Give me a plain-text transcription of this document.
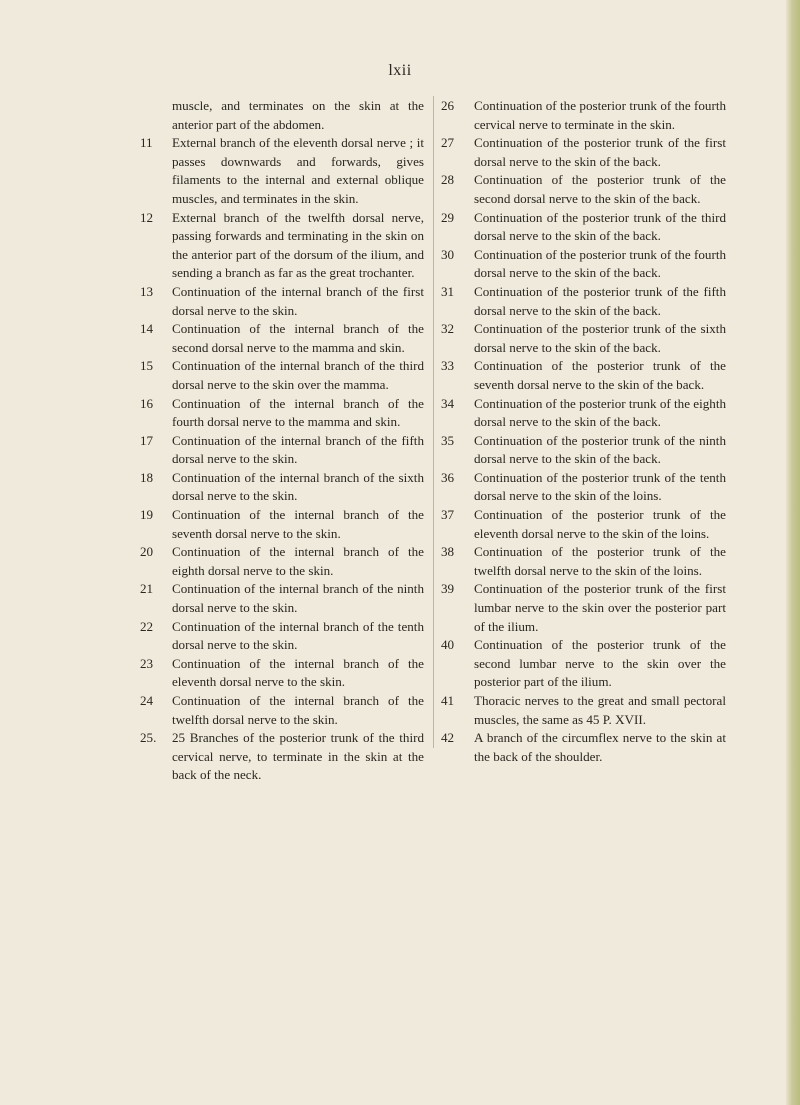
lxii
muscle, and terminates on the skin at the anterior part of the abdomen.
11 External branch of the eleventh dorsal nerve ; it passes downwards and forwards, gives filaments to the internal and external oblique muscles, and terminates in the skin.
12 External branch of the twelfth dorsal nerve, passing forwards and terminating in the skin on the anterior part of the dorsum of the ilium, and sending a branch as far as the great trochanter.
13 Continuation of the internal branch of the first dorsal nerve to the skin.
14 Continuation of the internal branch of the second dorsal nerve to the mamma and skin.
15 Continuation of the internal branch of the third dorsal nerve to the skin over the mamma.
16 Continuation of the internal branch of the fourth dorsal nerve to the mamma and skin.
17 Continuation of the internal branch of the fifth dorsal nerve to the skin.
18 Continuation of the internal branch of the sixth dorsal nerve to the skin.
19 Continuation of the internal branch of the seventh dorsal nerve to the skin.
20 Continuation of the internal branch of the eighth dorsal nerve to the skin.
21 Continuation of the internal branch of the ninth dorsal nerve to the skin.
22 Continuation of the internal branch of the tenth dorsal nerve to the skin.
23 Continuation of the internal branch of the eleventh dorsal nerve to the skin.
24 Continuation of the internal branch of the twelfth dorsal nerve to the skin.
25. 25 Branches of the posterior trunk of the third cervical nerve, to terminate in the skin at the back of the neck.
26 Continuation of the posterior trunk of the fourth cervical nerve to terminate in the skin.
27 Continuation of the posterior trunk of the first dorsal nerve to the skin of the back.
28 Continuation of the posterior trunk of the second dorsal nerve to the skin of the back.
29 Continuation of the posterior trunk of the third dorsal nerve to the skin of the back.
30 Continuation of the posterior trunk of the fourth dorsal nerve to the skin of the back.
31 Continuation of the posterior trunk of the fifth dorsal nerve to the skin of the back.
32 Continuation of the posterior trunk of the sixth dorsal nerve to the skin of the back.
33 Continuation of the posterior trunk of the seventh dorsal nerve to the skin of the back.
34 Continuation of the posterior trunk of the eighth dorsal nerve to the skin of the back.
35 Continuation of the posterior trunk of the ninth dorsal nerve to the skin of the back.
36 Continuation of the posterior trunk of the tenth dorsal nerve to the skin of the loins.
37 Continuation of the posterior trunk of the eleventh dorsal nerve to the skin of the loins.
38 Continuation of the posterior trunk of the twelfth dorsal nerve to the skin of the loins.
39 Continuation of the posterior trunk of the first lumbar nerve to the skin over the posterior part of the ilium.
40 Continuation of the posterior trunk of the second lumbar nerve to the skin over the posterior part of the ilium.
41 Thoracic nerves to the great and small pectoral muscles, the same as 45 P. XVII.
42 A branch of the circumflex nerve to the skin at the back of the shoulder.
